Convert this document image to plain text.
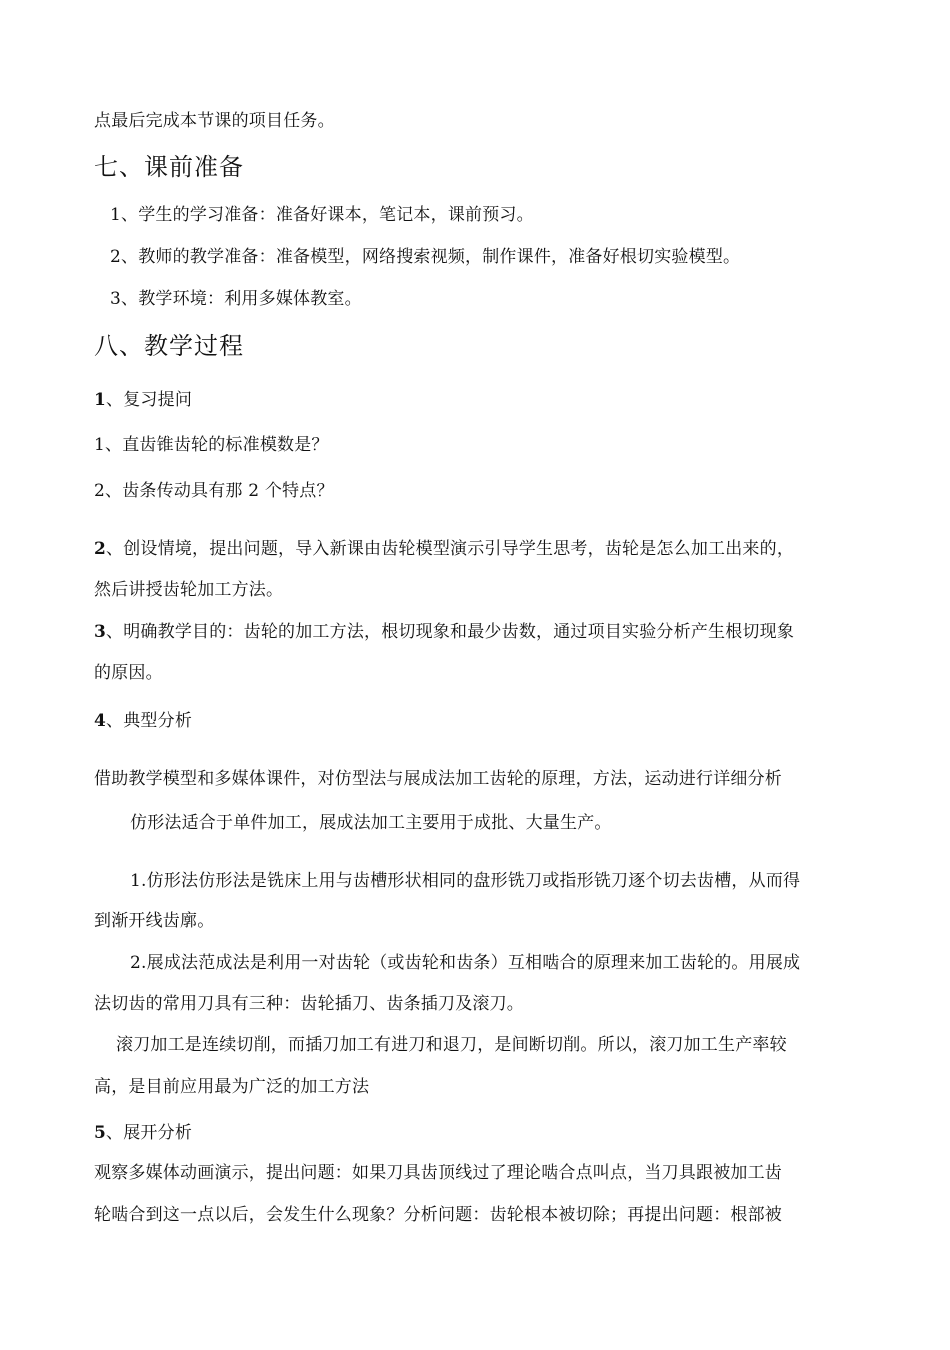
点最后完成本节课的项目任务。
七、课前准备
1、学生的学习准备：准备好课本，笔记本，课前预习。
2、教师的教学准备：准备模型，网络搜索视频，制作课件，准备好根切实验模型。
3、教学环境：利用多媒体教室。
八、教学过程
1、复习提问
1、直齿锥齿轮的标准模数是？
2、齿条传动具有那 2 个特点？
2、创设情境，提出问题，导入新课由齿轮模型演示引导学生思考，齿轮是怎么加工出来的，
然后讲授齿轮加工方法。
3、明确教学目的：齿轮的加工方法，根切现象和最少齿数，通过项目实验分析产生根切现象
的原因。
4、典型分析
借助教学模型和多媒体课件，对仿型法与展成法加工齿轮的原理，方法，运动进行详细分析
仿形法适合于单件加工，展成法加工主要用于成批、大量生产。
1.仿形法仿形法是铣床上用与齿槽形状相同的盘形铣刀或指形铣刀逐个切去齿槽，从而得
到渐开线齿廓。
2.展成法范成法是利用一对齿轮（或齿轮和齿条）互相啮合的原理来加工齿轮的。用展成
法切齿的常用刀具有三种：齿轮插刀、齿条插刀及滚刀。
滚刀加工是连续切削，而插刀加工有进刀和退刀，是间断切削。所以，滚刀加工生产率较
高，是目前应用最为广泛的加工方法
5、展开分析
观察多媒体动画演示，提出问题：如果刀具齿顶线过了理论啮合点叫点，当刀具跟被加工齿
轮啮合到这一点以后，会发生什么现象？分析问题：齿轮根本被切除；再提出问题：根部被
